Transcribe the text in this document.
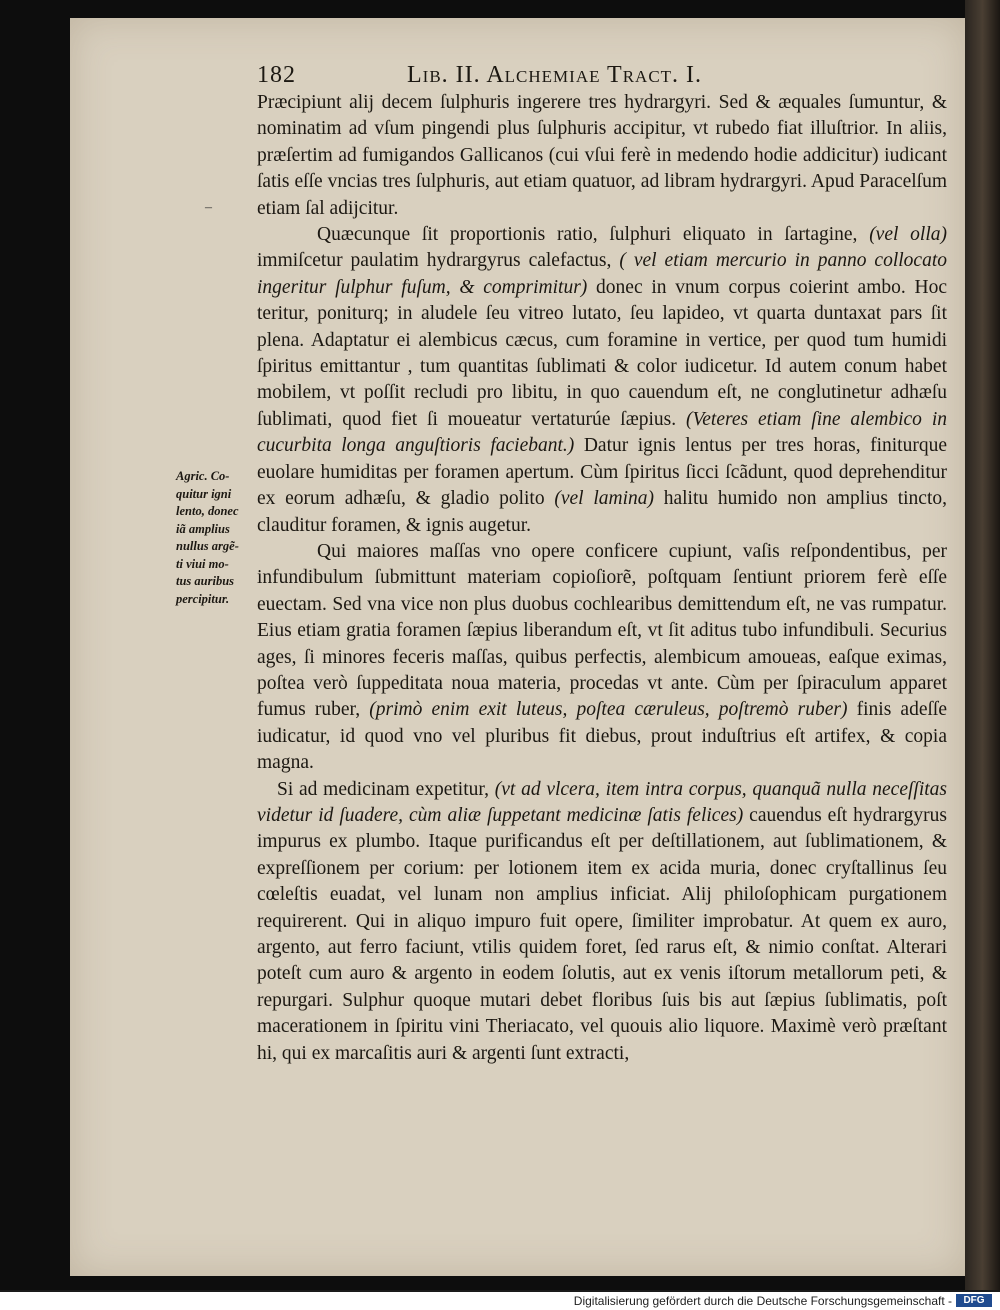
182	Lib. II. Alchemiae Tract. I.
–

Præcipiunt alij decem ſulphuris ingerere tres hydrargyri. Sed & æquales ſumuntur, & nominatim ad vſum pingendi plus ſulphuris accipitur, vt rubedo fiat illuſtrior. In aliis, præſertim ad fumigandos Gallicanos (cui vſui ferè in medendo hodie addicitur) iudicant ſatis eſſe vncias tres ſulphuris, aut etiam quatuor, ad libram hydrargyri. Apud Paracelſum etiam ſal adijcitur.

Quæcunque ſit proportionis ratio, ſulphuri eliquato in ſartagine, (vel olla) immiſcetur paulatim hydrargyrus calefactus, ( vel etiam mercurio in panno collocato ingeritur ſulphur fuſum, & comprimitur) donec in vnum corpus coierint ambo. Hoc teritur, poniturq; in aludele ſeu vitreo lutato, ſeu lapideo, vt quarta duntaxat pars ſit plena. Adaptatur ei alembicus cæcus, cum foramine in vertice, per quod tum humidi ſpiritus emittantur , tum quantitas ſublimati & color iudicetur. Id autem conum habet mobilem, vt poſſit recludi pro libitu, in quo cauendum eſt, ne conglutinetur adhæſu ſublimati, quod fiet ſi moueatur vertaturúe ſæpius. (Veteres etiam ſine alembico in cucurbita longa anguſtioris faciebant.) Datur ignis lentus per tres horas, finiturque euolare humiditas per foramen apertum. Cùm ſpiritus ſicci ſcãdunt, quod deprehenditur ex eorum adhæſu, & gladio polito (vel lamina) halitu humido non amplius tincto, clauditur foramen, & ignis augetur.

Qui maiores maſſas vno opere conficere cupiunt, vaſis reſpondentibus, per infundibulum ſubmittunt materiam copioſiorẽ, poſtquam ſentiunt priorem ferè eſſe euectam. Sed vna vice non plus duobus cochlearibus demittendum eſt, ne vas rumpatur. Eius etiam gratia foramen ſæpius liberandum eſt, vt ſit aditus tubo infundibuli. Securius ages, ſi minores feceris maſſas, quibus perfectis, alembicum amoueas, eaſque eximas, poſtea verò ſuppeditata noua materia, procedas vt ante. Cùm per ſpiraculum apparet fumus ruber, (primò enim exit luteus, poſtea cæruleus, poſtremò ruber) finis adeſſe iudicatur, id quod vno vel pluribus fit diebus, prout induſtrius eſt artifex, & copia magna.

Si ad medicinam expetitur, (vt ad vlcera, item intra corpus, quanquã nulla neceſſitas videtur id ſuadere, cùm aliæ ſuppetant medicinæ ſatis felices) cauendus eſt hydrargyrus impurus ex plumbo. Itaque purificandus eſt per deſtillationem, aut ſublimationem, & expreſſionem per corium: per lotionem item ex acida muria, donec cryſtallinus ſeu cœleſtis euadat, vel lunam non amplius inficiat. Alij philoſophicam purgationem requirerent. Qui in aliquo impuro fuit opere, ſimiliter improbatur. At quem ex auro, argento, aut ferro faciunt, vtilis quidem foret, ſed rarus eſt, & nimio conſtat. Alterari poteſt cum auro & argento in eodem ſolutis, aut ex venis iſtorum metallorum peti, & repurgari. Sulphur quoque mutari debet floribus ſuis bis aut ſæpius ſublimatis, poſt macerationem in ſpiritu vini Theriacato, vel quouis alio liquore. Maximè verò præſtant hi, qui ex marcaſitis auri & argenti ſunt extracti,

Agric. Co-
quitur igni
lento, donec
iã amplius
nullus argẽ-
ti viui mo-
tus auribus
percipitur.
Digitalisierung gefördert durch die Deutsche Forschungsgemeinschaft -	DFG
